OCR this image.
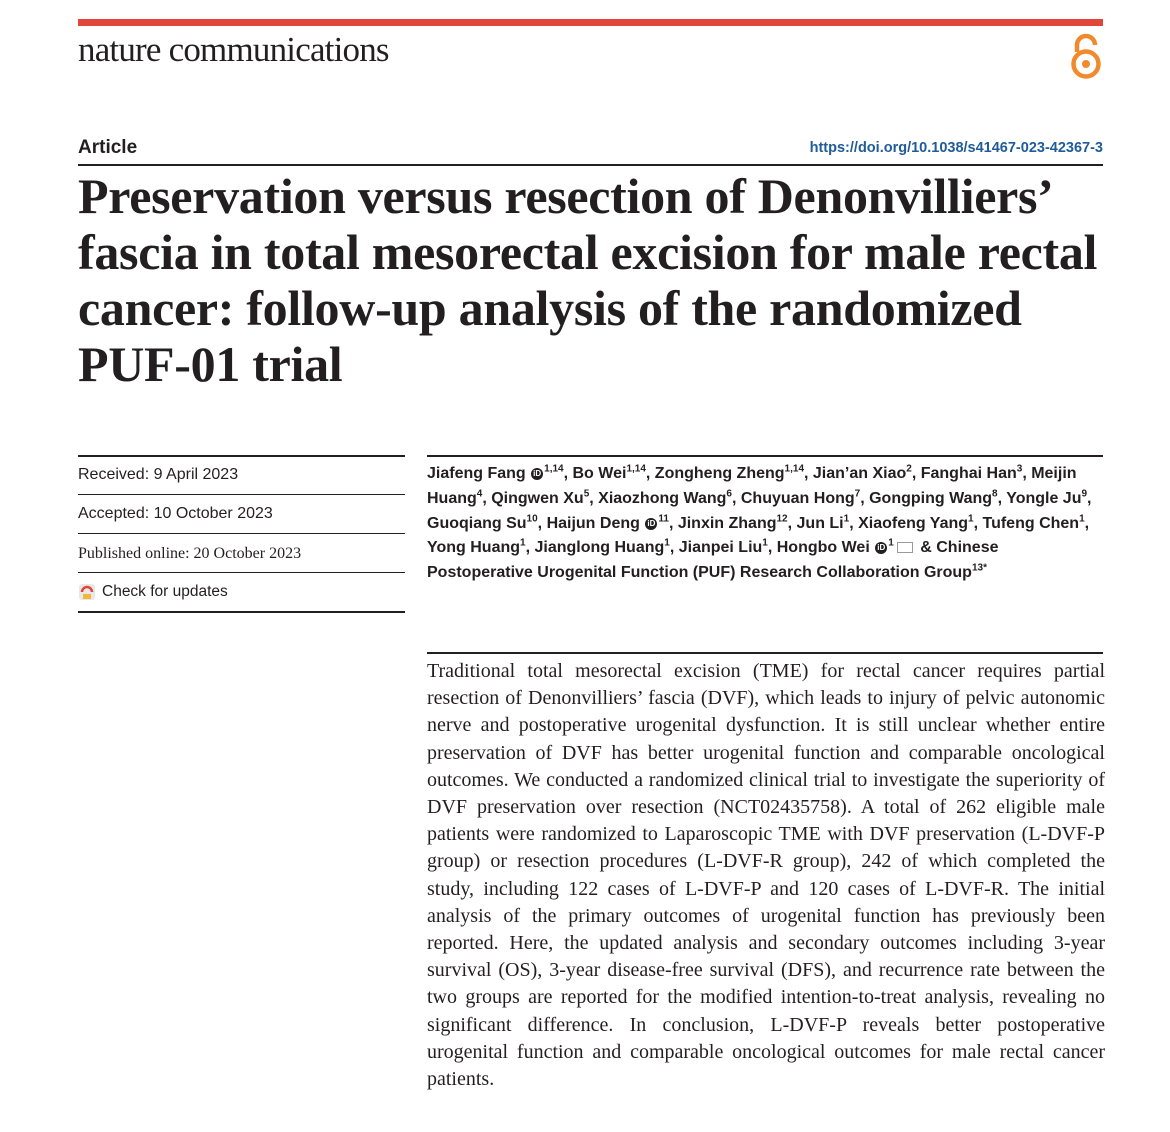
nature communications
Article	https://doi.org/10.1038/s41467-023-42367-3
Preservation versus resection of Denonvilliers’ fascia in total mesorectal excision for male rectal cancer: follow-up analysis of the randomized PUF-01 trial
Received: 9 April 2023
Accepted: 10 October 2023
Published online: 20 October 2023
Check for updates
Jiafeng Fang iD $^{1,14}$, Bo Wei$^{1,14}$, Zongheng Zheng$^{1,14}$, Jian’an Xiao$^2$, Fanghai Han$^3$, Meijin Huang$^4$, Qingwen Xu$^5$, Xiaozhong Wang$^6$, Chuyuan Hong$^7$, Gongping Wang$^8$, Yongle Ju$^9$, Guoqiang Su$^{10}$, Haijun Deng iD $^{11}$, Jinxin Zhang$^{12}$, Jun Li$^1$, Xiaofeng Yang$^1$, Tufeng Chen$^1$, Yong Huang$^1$, Jianglong Huang$^1$, Jianpei Liu$^1$, Hongbo Wei iD $^1$ & Chinese Postoperative Urogenital Function (PUF) Research Collaboration Group$^{13*}$

Traditional total mesorectal excision (TME) for rectal cancer requires partial resection of Denonvilliers’ fascia (DVF), which leads to injury of pelvic autonomic nerve and postoperative urogenital dysfunction. It is still unclear whether entire preservation of DVF has better urogenital function and comparable oncological outcomes. We conducted a randomized clinical trial to investigate the superiority of DVF preservation over resection (NCT02435758). A total of 262 eligible male patients were randomized to Laparoscopic TME with DVF preservation (L-DVF-P group) or resection procedures (L-DVF-R group), 242 of which completed the study, including 122 cases of L-DVF-P and 120 cases of L-DVF-R. The initial analysis of the primary outcomes of urogenital function has previously been reported. Here, the updated analysis and secondary outcomes including 3-year survival (OS), 3-year disease-free survival (DFS), and recurrence rate between the two groups are reported for the modified intention-to-treat analysis, revealing no significant difference. In conclusion, L-DVF-P reveals better postoperative urogenital function and comparable oncological outcomes for male rectal cancer patients.
